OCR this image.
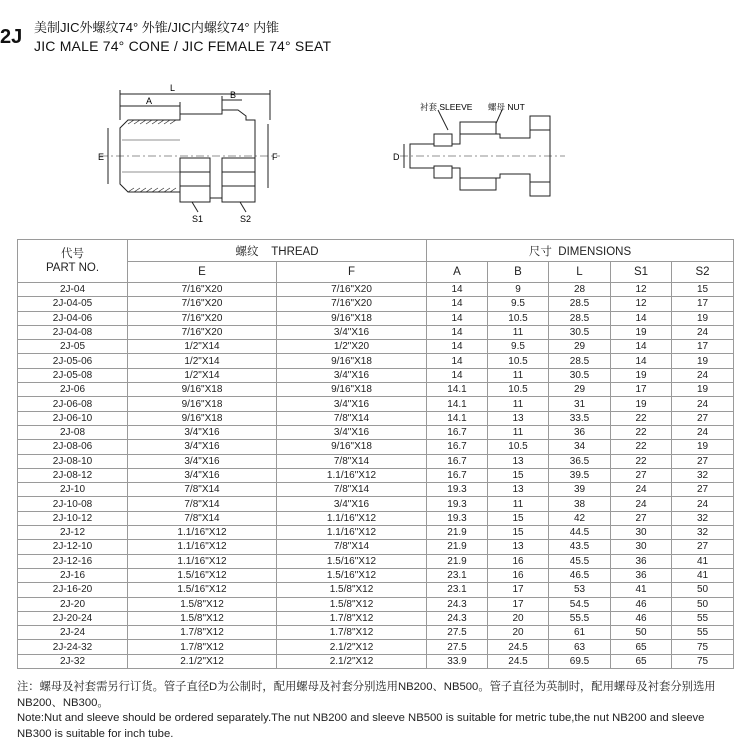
2J 美制JIC外螺纹74° 外锥/JIC内螺纹74° 内锥
JIC MALE 74° CONE / JIC FEMALE 74° SEAT
L
B
A
E	F
S1	S2
衬套 SLEEVE 螺母 NUT
D
代号
PART NO.	螺纹    THREAD		尺寸  DIMENSIONS				
	E	F	A	B	L	S1	S2
2J-04	7/16"X20	7/16"X20	14	9	28	12	15
2J-04-05	7/16"X20	7/16"X20	14	9.5	28.5	12	17
2J-04-06	7/16"X20	9/16"X18	14	10.5	28.5	14	19
2J-04-08	7/16"X20	3/4"X16	14	11	30.5	19	24
2J-05	1/2"X14	1/2"X20	14	9.5	29	14	17
2J-05-06	1/2"X14	9/16"X18	14	10.5	28.5	14	19
2J-05-08	1/2"X14	3/4"X16	14	11	30.5	19	24
2J-06	9/16"X18	9/16"X18	14.1	10.5	29	17	19
2J-06-08	9/16"X18	3/4"X16	14.1	11	31	19	24
2J-06-10	9/16"X18	7/8"X14	14.1	13	33.5	22	27
2J-08	3/4"X16	3/4"X16	16.7	11	36	22	24
2J-08-06	3/4"X16	9/16"X18	16.7	10.5	34	22	19
2J-08-10	3/4"X16	7/8"X14	16.7	13	36.5	22	27
2J-08-12	3/4"X16	1.1/16"X12	16.7	15	39.5	27	32
2J-10	7/8"X14	7/8"X14	19.3	13	39	24	27
2J-10-08	7/8"X14	3/4"X16	19.3	11	38	24	24
2J-10-12	7/8"X14	1.1/16"X12	19.3	15	42	27	32
2J-12	1.1/16"X12	1.1/16"X12	21.9	15	44.5	30	32
2J-12-10	1.1/16"X12	7/8"X14	21.9	13	43.5	30	27
2J-12-16	1.1/16"X12	1.5/16"X12	21.9	16	45.5	36	41
2J-16	1.5/16"X12	1.5/16"X12	23.1	16	46.5	36	41
2J-16-20	1.5/16"X12	1.5/8"X12	23.1	17	53	41	50
2J-20	1.5/8"X12	1.5/8"X12	24.3	17	54.5	46	50
2J-20-24	1.5/8"X12	1.7/8"X12	24.3	20	55.5	46	55
2J-24	1.7/8"X12	1.7/8"X12	27.5	20	61	50	55
2J-24-32	1.7/8"X12	2.1/2"X12	27.5	24.5	63	65	75
2J-32	2.1/2"X12	2.1/2"X12	33.9	24.5	69.5	65	75

注：螺母及衬套需另行订货。管子直径D为公制时，配用螺母及衬套分别选用NB200、NB500。管子直径为英制时，配用螺母及衬套分别选用NB200、NB300。

Note:Nut and sleeve should be ordered separately.The nut NB200 and sleeve NB500 is suitable for metric tube,the nut NB200 and sleeve NB300 is suitable for inch tube.
